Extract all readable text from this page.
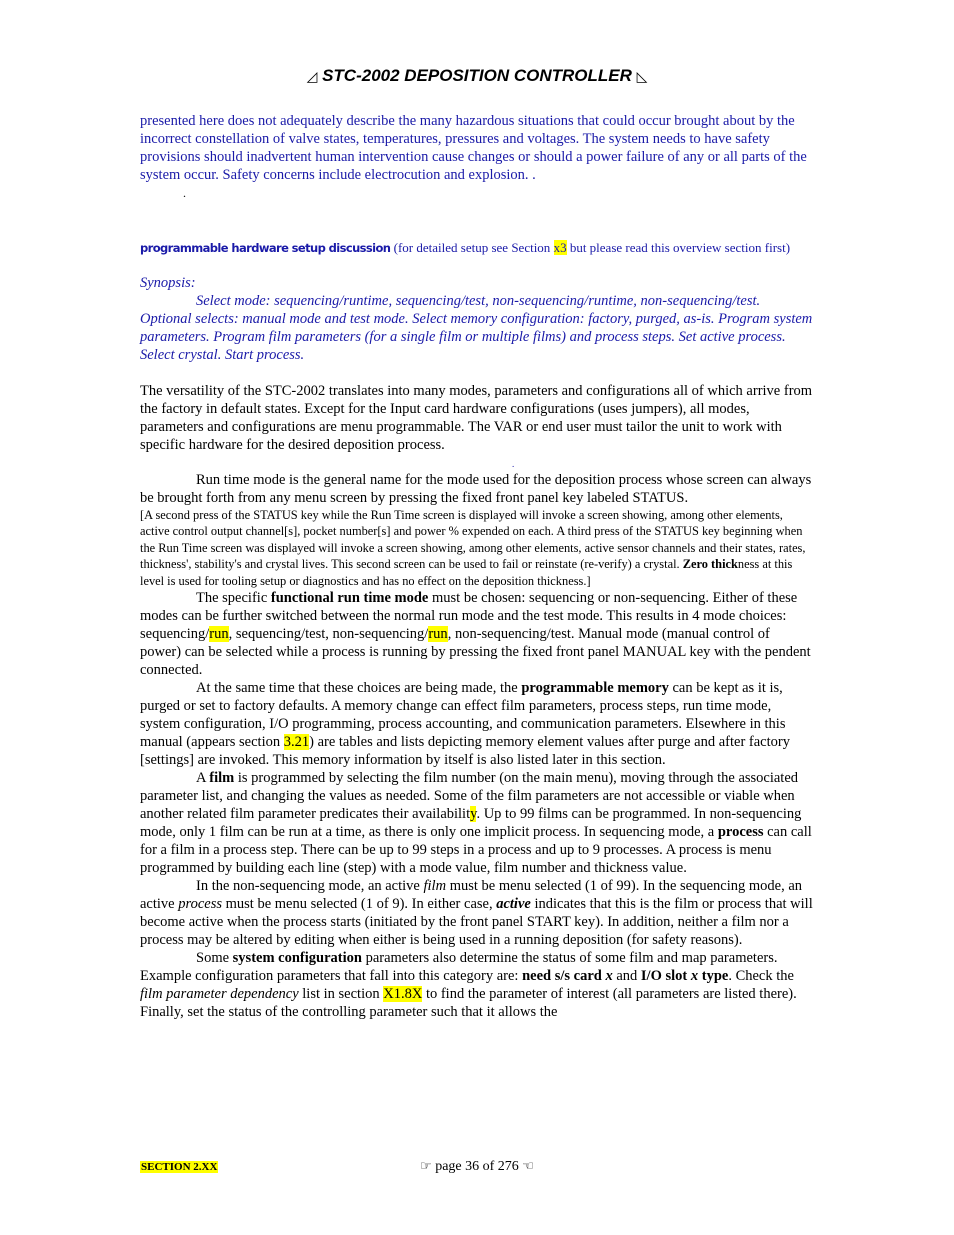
◿ STC-2002 DEPOSITION CONTROLLER ◺

presented here does not adequately describe the many hazardous situations that could occur brought about by the incorrect constellation of valve states, temperatures, pressures and voltages. The system needs to have safety provisions should inadvertent human intervention cause changes or should a power failure of any or all parts of the system occur. Safety concerns include electrocution and explosion. .

programmable hardware setup discussion (for detailed setup see Section x3 but please read this overview section first)

Synopsis:

Select mode: sequencing/runtime, sequencing/test, non-sequencing/runtime, non-sequencing/test. Optional selects: manual mode and test mode. Select memory configuration: factory, purged, as-is. Program system parameters. Program film parameters (for a single film or multiple films) and process steps. Set active process. Select crystal. Start process.

The versatility of the STC-2002 translates into many modes, parameters and configurations all of which arrive from the factory in default states. Except for the Input card hardware configurations (uses jumpers), all modes, parameters and configurations are menu programmable. The VAR or end user must tailor the unit to work with specific hardware for the desired deposition process.

Run time mode is the general name for the mode used for the deposition process whose screen can always be brought forth from any menu screen by pressing the fixed front panel key labeled STATUS.

[A second press of the STATUS key while the Run Time screen is displayed will invoke a screen showing, among other elements, active control output channel[s], pocket number[s] and power % expended on each. A third press of the STATUS key beginning when the Run Time screen was displayed will invoke a screen showing, among other elements, active sensor channels and their states, rates, thickness', stability's and crystal lives. This second screen can be used to fail or reinstate (re-verify) a crystal. Zero thickness at this level is used for tooling setup or diagnostics and has no effect on the deposition thickness.]

The specific functional run time mode must be chosen: sequencing or non-sequencing. Either of these modes can be further switched between the normal run mode and the test mode. This results in 4 mode choices: sequencing/run, sequencing/test, non-sequencing/run, non-sequencing/test. Manual mode (manual control of power) can be selected while a process is running by pressing the fixed front panel MANUAL key with the pendent connected.

At the same time that these choices are being made, the programmable memory can be kept as it is, purged or set to factory defaults. A memory change can effect film parameters, process steps, run time mode, system configuration, I/O programming, process accounting, and communication parameters. Elsewhere in this manual (appears section 3.21) are tables and lists depicting memory element values after purge and after factory [settings] are invoked. This memory information by itself is also listed later in this section.

A film is programmed by selecting the film number (on the main menu), moving through the associated parameter list, and changing the values as needed. Some of the film parameters are not accessible or viable when another related film parameter predicates their availability. Up to 99 films can be programmed. In non-sequencing mode, only 1 film can be run at a time, as there is only one implicit process. In sequencing mode, a process can call for a film in a process step. There can be up to 99 steps in a process and up to 9 processes. A process is menu programmed by building each line (step) with a mode value, film number and thickness value.

In the non-sequencing mode, an active film must be menu selected (1 of 99). In the sequencing mode, an active process must be menu selected (1 of 9). In either case, active indicates that this is the film or process that will become active when the process starts (initiated by the front panel START key). In addition, neither a film nor a process may be altered by editing when either is being used in a running deposition (for safety reasons).

Some system configuration parameters also determine the status of some film and map parameters. Example configuration parameters that fall into this category are: need s/s card x and I/O slot x type. Check the film parameter dependency list in section X1.8X to find the parameter of interest (all parameters are listed there). Finally, set the status of the controlling parameter such that it allows the

.
.
SECTION 2.XX	☞ page 36 of 276 ☜
